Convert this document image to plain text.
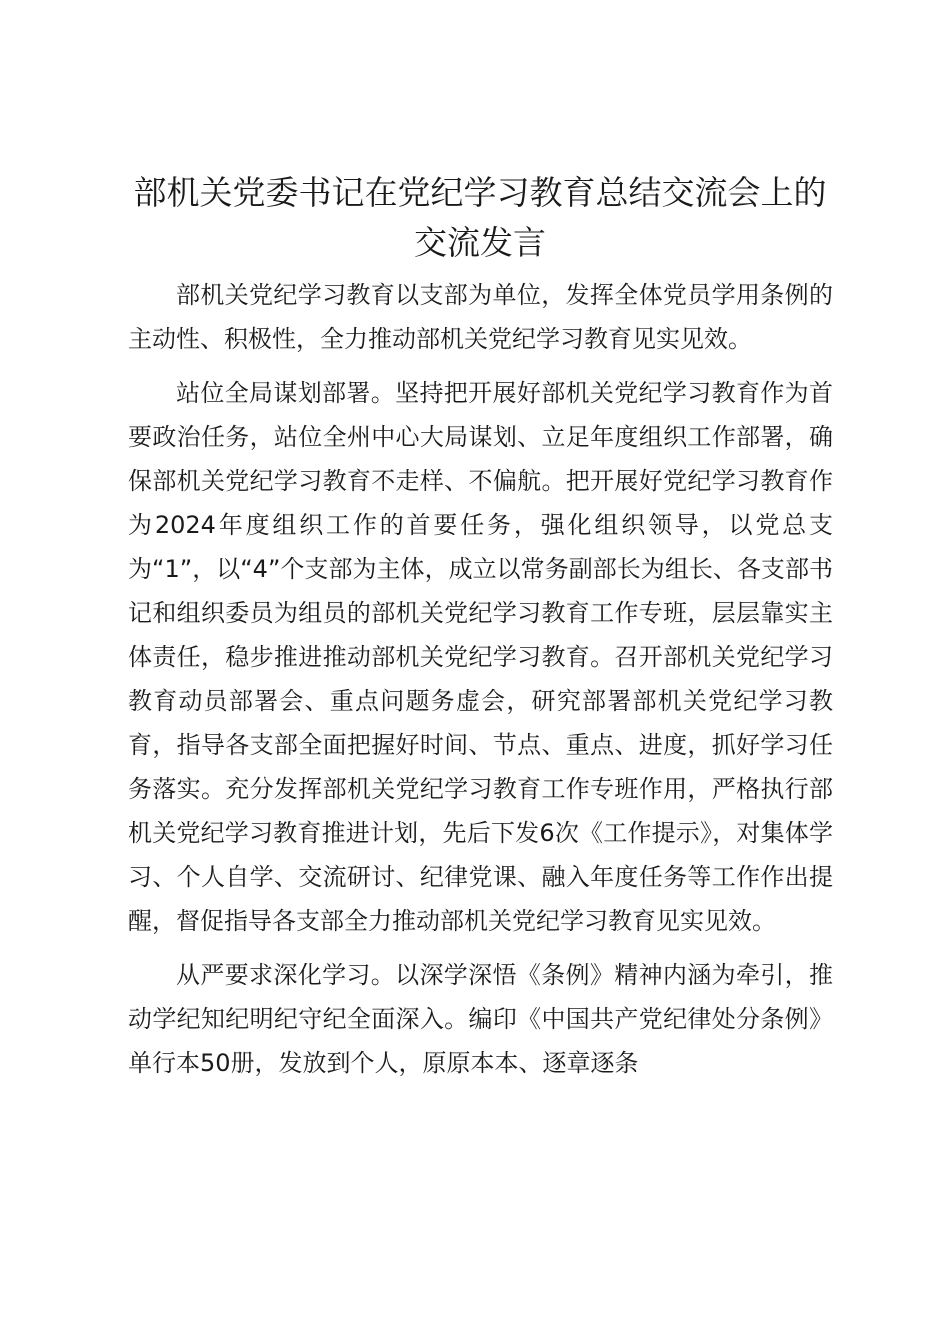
部机关党委书记在党纪学习教育总结交流会上的交流发言

部机关党纪学习教育以支部为单位，发挥全体党员学用条例的主动性、积极性，全力推动部机关党纪学习教育见实见效。

站位全局谋划部署。坚持把开展好部机关党纪学习教育作为首要政治任务，站位全州中心大局谋划、立足年度组织工作部署，确保部机关党纪学习教育不走样、不偏航。把开展好党纪学习教育作为2024年度组织工作的首要任务，强化组织领导，以党总支为“1”，以“4”个支部为主体，成立以常务副部长为组长、各支部书记和组织委员为组员的部机关党纪学习教育工作专班，层层靠实主体责任，稳步推进推动部机关党纪学习教育。召开部机关党纪学习教育动员部署会、重点问题务虚会，研究部署部机关党纪学习教育，指导各支部全面把握好时间、节点、重点、进度，抓好学习任务落实。充分发挥部机关党纪学习教育工作专班作用，严格执行部机关党纪学习教育推进计划，先后下发6次《工作提示》，对集体学习、个人自学、交流研讨、纪律党课、融入年度任务等工作作出提醒，督促指导各支部全力推动部机关党纪学习教育见实见效。

从严要求深化学习。以深学深悟《条例》精神内涵为牵引，推动学纪知纪明纪守纪全面深入。编印《中国共产党纪律处分条例》单行本50册，发放到个人，原原本本、逐章逐条
